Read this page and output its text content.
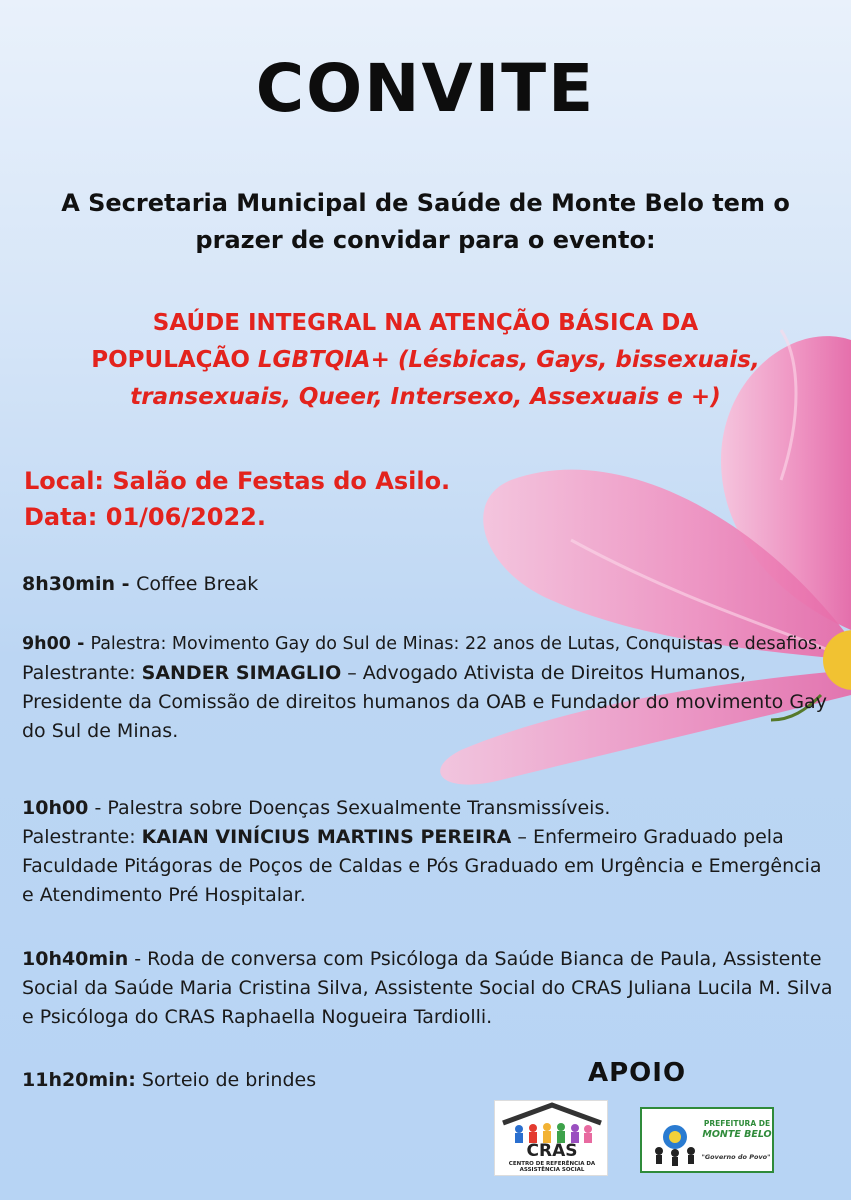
CONVITE
A Secretaria Municipal de Saúde de Monte Belo tem o
prazer de convidar para o evento:
SAÚDE INTEGRAL NA ATENÇÃO BÁSICA DA
POPULAÇÃO LGBTQIA+ (Lésbicas, Gays, bissexuais,
transexuais, Queer, Intersexo, Assexuais e +)
Local: Salão de Festas do Asilo.
Data: 01/06/2022.
8h30min - Coffee Break
9h00 - Palestra: Movimento Gay do Sul de Minas: 22 anos de Lutas, Conquistas e desafios.
Palestrante: SANDER SIMAGLIO – Advogado Ativista de Direitos Humanos, Presidente da Comissão de direitos humanos da OAB e Fundador do movimento Gay do Sul de Minas.
10h00 - Palestra sobre Doenças Sexualmente Transmissíveis.
Palestrante: KAIAN VINÍCIUS MARTINS PEREIRA – Enfermeiro Graduado pela Faculdade Pitágoras de Poços de Caldas e Pós Graduado em Urgência e Emergência e Atendimento Pré Hospitalar.
10h40min - Roda de conversa com Psicóloga da Saúde Bianca de Paula, Assistente Social da Saúde Maria Cristina Silva, Assistente Social do CRAS Juliana Lucila M. Silva e Psicóloga do CRAS Raphaella Nogueira Tardiolli.
11h20min: Sorteio de brindes	APOIO
CRAS
CENTRO DE REFERÊNCIA DA ASSISTÊNCIA SOCIAL
PREFEITURA DE
MONTE BELO
"Governo do Povo"
